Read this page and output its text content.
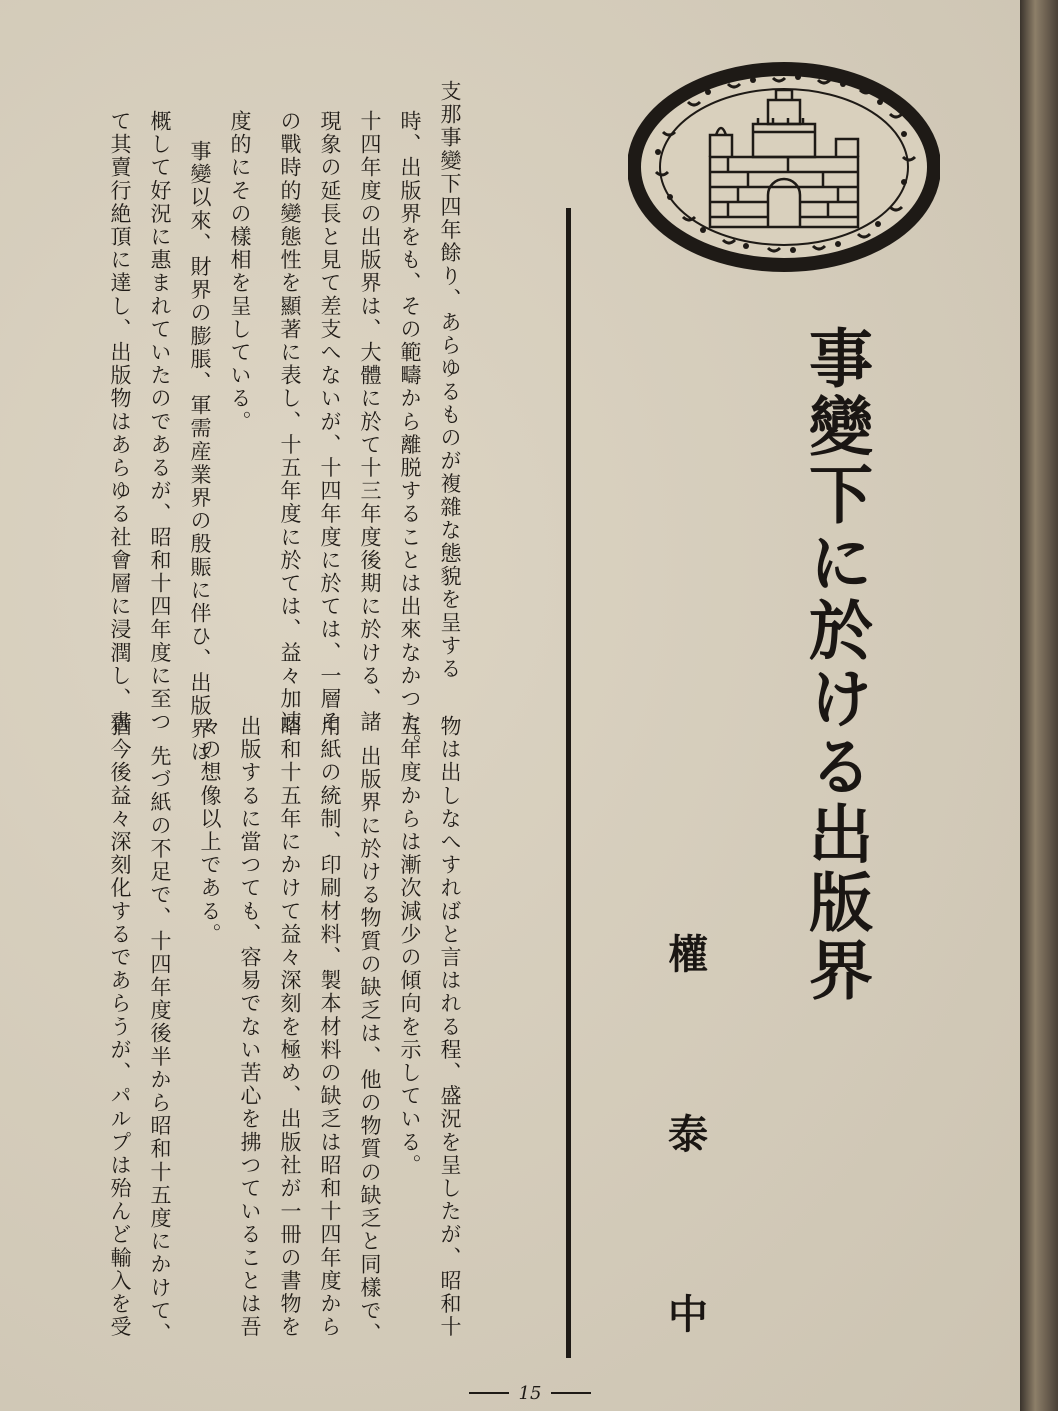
事變下に於ける出版界
權
泰
中
支那事變下四年餘り、あらゆるものが複雜な態貌を呈する
時、出版界をも、その範疇から離脱することは出來なかつた。
十四年度の出版界は、大體に於て十三年度後期に於ける、諸
現象の延長と見て差支へないが、十四年度に於ては、一層そ
の戰時的變態性を顯著に表し、十五年度に於ては、益々加速
度的にその樣相を呈している。
事變以來、財界の膨脹、軍需産業界の殷賑に伴ひ、出版界は
概して好況に惠まれていたのであるが、昭和十四年度に至つ
て其賣行絶頂に達し、出版物はあらゆる社會層に浸潤し、書
物は出しなへすればと言はれる程、盛況を呈したが、昭和十
五年度からは漸次減少の傾向を示している。
出版界に於ける物質の缺乏は、他の物質の缺乏と同樣で、
用紙の統制、印刷材料、製本材料の缺乏は昭和十四年度から
昭和十五年にかけて益々深刻を極め、出版社が一冊の書物を
出版するに當つても、容易でない苦心を拂つていることは吾
々の想像以上である。
先づ紙の不足で、十四年度後半から昭和十五度にかけて、
猶今後益々深刻化するであらうが、パルプは殆んど輸入を受
15
